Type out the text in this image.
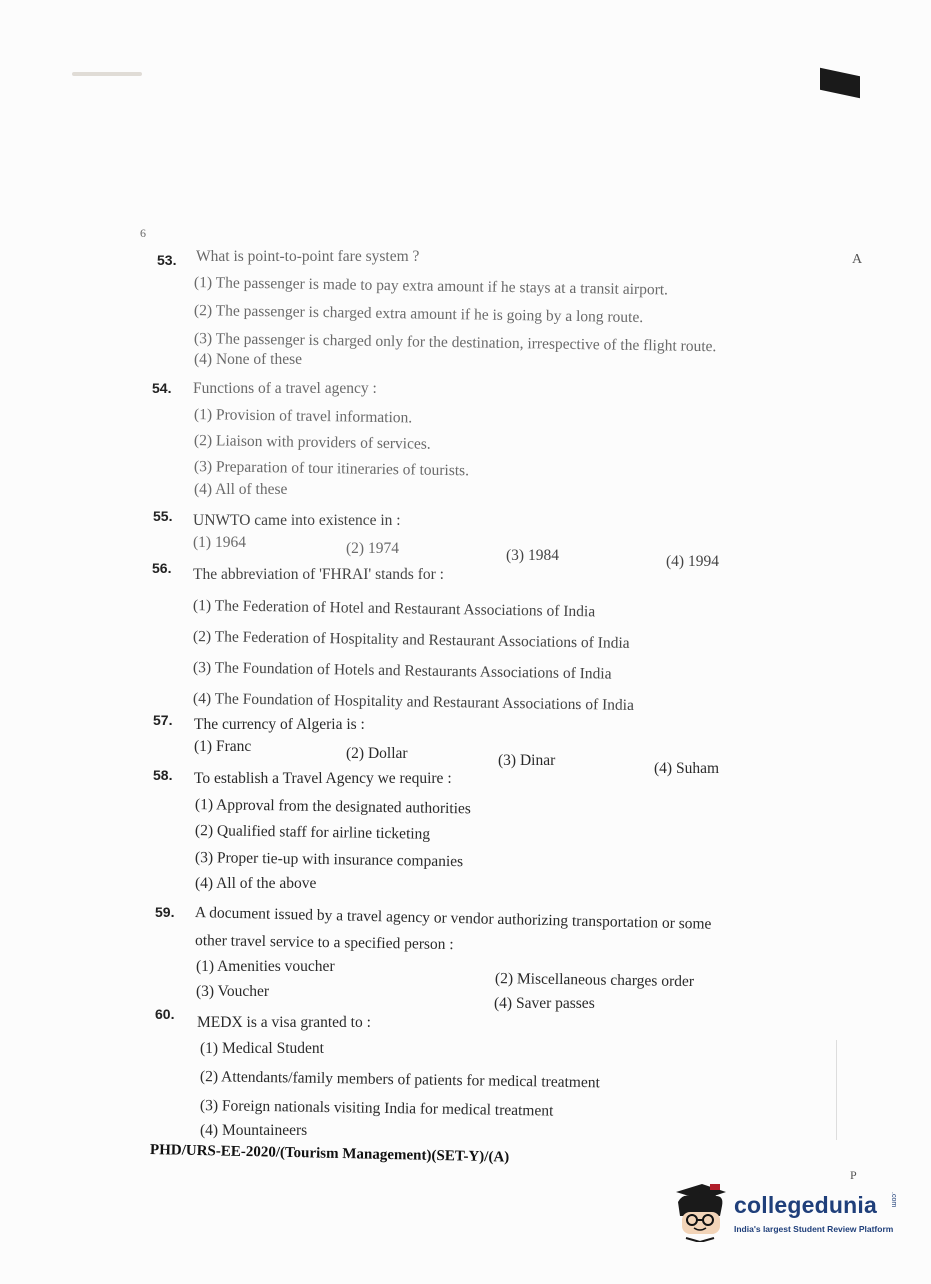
6
A
53. What is point-to-point fare system ?
(1) The passenger is made to pay extra amount if he stays at a transit airport.
(2) The passenger is charged extra amount if he is going by a long route.
(3) The passenger is charged only for the destination, irrespective of the flight route.
(4) None of these
54. Functions of a travel agency :
(1) Provision of travel information.
(2) Liaison with providers of services.
(3) Preparation of tour itineraries of tourists.
(4) All of these
55. UNWTO came into existence in :
(1) 1964	(2) 1974	(3) 1984	(4) 1994
56. The abbreviation of 'FHRAI' stands for :
(1) The Federation of Hotel and Restaurant Associations of India
(2) The Federation of Hospitality and Restaurant Associations of India
(3) The Foundation of Hotels and Restaurants Associations of India
(4) The Foundation of Hospitality and Restaurant Associations of India
57. The currency of Algeria is :
(1) Franc	(2) Dollar	(3) Dinar	(4) Suham
58. To establish a Travel Agency we require :
(1) Approval from the designated authorities
(2) Qualified staff for airline ticketing
(3) Proper tie-up with insurance companies
(4) All of the above
59. A document issued by a travel agency or vendor authorizing transportation or some
other travel service to a specified person :
(1) Amenities voucher
(2) Miscellaneous charges order
(3) Voucher
(4) Saver passes
60. MEDX is a visa granted to :
(1) Medical Student
(2) Attendants/family members of patients for medical treatment
(3) Foreign nationals visiting India for medical treatment
(4) Mountaineers
PHD/URS-EE-2020/(Tourism Management)(SET-Y)/(A)
P
collegedunia .com
India's largest Student Review Platform
